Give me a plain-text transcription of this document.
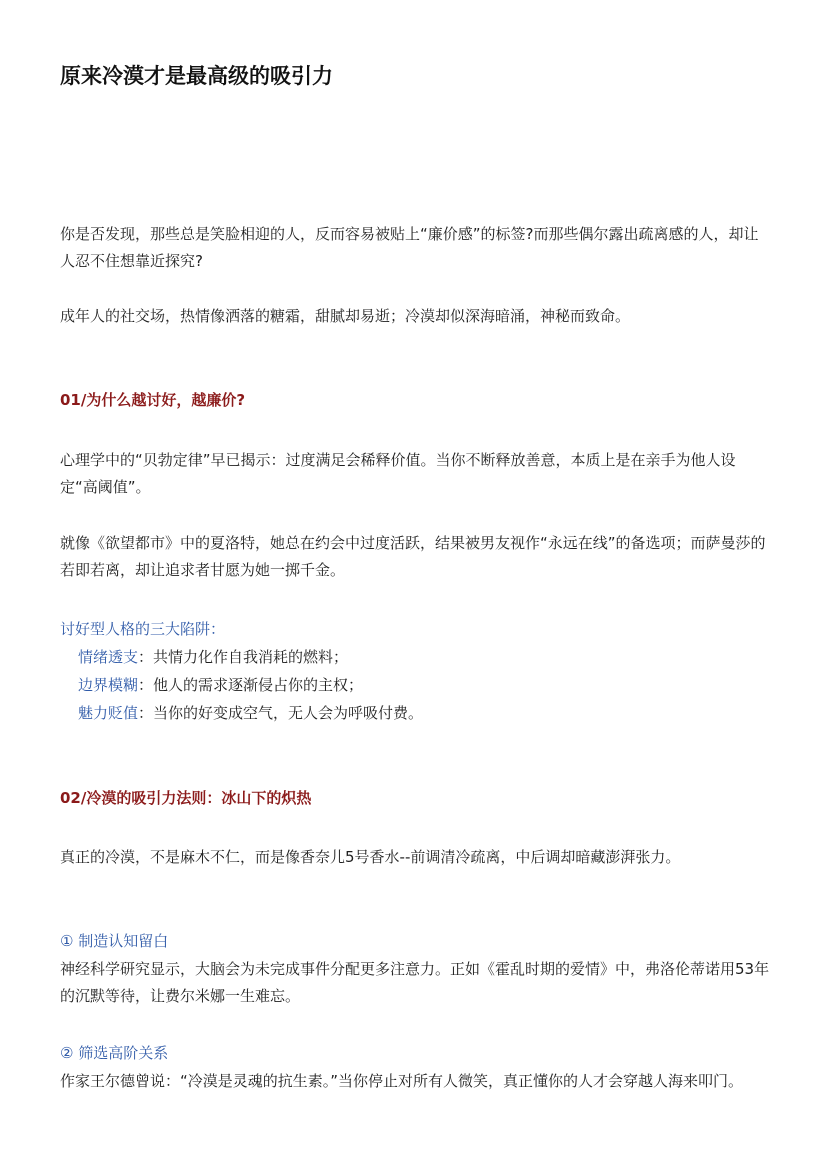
原来冷漠才是最高级的吸引力
你是否发现，那些总是笑脸相迎的人，反而容易被贴上“廉价感”的标签?而那些偶尔露出疏离感的人，却让人忍不住想靠近探究?
成年人的社交场，热情像洒落的糖霜，甜腻却易逝；冷漠却似深海暗涌，神秘而致命。
01/为什么越讨好，越廉价?
心理学中的“贝勃定律”早已揭示：过度满足会稀释价值。当你不断释放善意，本质上是在亲手为他人设定“高阈值”。
就像《欲望都市》中的夏洛特，她总在约会中过度活跃，结果被男友视作“永远在线”的备选项；而萨曼莎的若即若离，却让追求者甘愿为她一掷千金。
讨好型人格的三大陷阱：
情绪透支：共情力化作自我消耗的燃料；
边界模糊：他人的需求逐渐侵占你的主权；
魅力贬值：当你的好变成空气，无人会为呼吸付费。
02/冷漠的吸引力法则：冰山下的炽热
真正的冷漠，不是麻木不仁，而是像香奈儿5号香水--前调清冷疏离，中后调却暗藏澎湃张力。
① 制造认知留白
神经科学研究显示，大脑会为未完成事件分配更多注意力。正如《霍乱时期的爱情》中，弗洛伦蒂诺用53年的沉默等待，让费尔米娜一生难忘。
② 筛选高阶关系
作家王尔德曾说：“冷漠是灵魂的抗生素。”当你停止对所有人微笑，真正懂你的人才会穿越人海来叩门。
